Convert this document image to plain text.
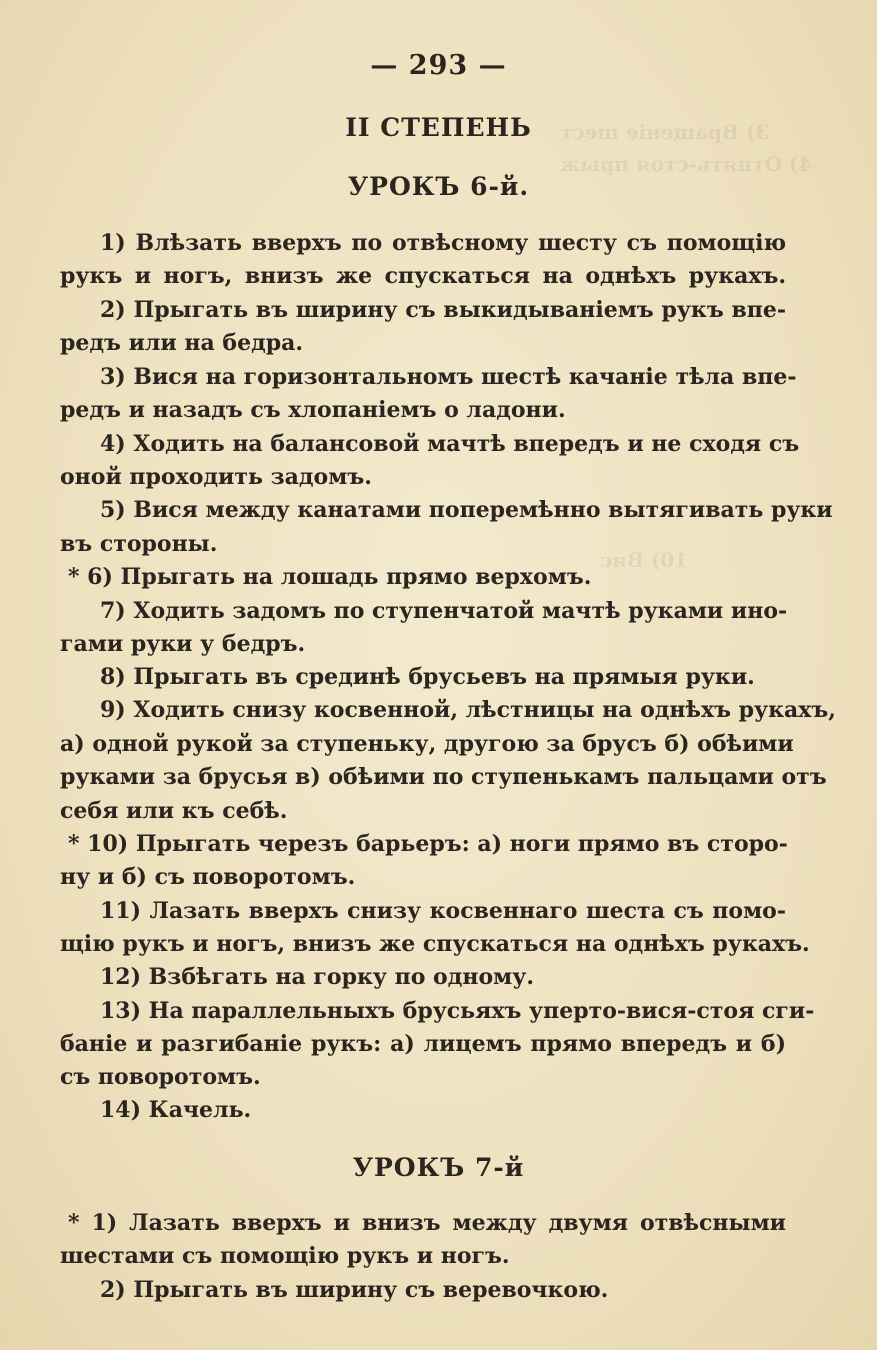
3) Вращеніе шест
4) Отнять-стоя прыж
10) Вис
— 293 —
II СТЕПЕНЬ
УРОКЪ 6-й.
1) Влѣзать вверхъ по отвѣсному шесту съ помощію
рукъ и ногъ, внизъ же спускаться на однѣхъ рукахъ.
2) Прыгать въ ширину съ выкидываніемъ рукъ впе-
редъ или на бедра.
3) Вися на горизонтальномъ шестѣ качаніе тѣла впе-
редъ и назадъ съ хлопаніемъ о ладони.
4) Ходить на балансовой мачтѣ впередъ и не сходя съ
оной проходить задомъ.
5) Вися между канатами поперемѣнно вытягивать руки
въ стороны.
* 6) Прыгать на лошадь прямо верхомъ.
7) Ходить задомъ по ступенчатой мачтѣ руками ино-
гами руки у бедръ.
8) Прыгать въ срединѣ брусьевъ на прямыя руки.
9) Ходить снизу косвенной, лѣстницы на однѣхъ рукахъ,
а) одной рукой за ступеньку, другою за брусъ б) обѣими
руками за брусья в) обѣими по ступенькамъ пальцами отъ
себя или къ себѣ.
* 10) Прыгать черезъ барьеръ: а) ноги прямо въ сторо-
ну и б) съ поворотомъ.
11) Лазать вверхъ снизу косвеннаго шеста съ помо-
щію рукъ и ногъ, внизъ же спускаться на однѣхъ рукахъ.
12) Взбѣгать на горку по одному.
13) На параллельныхъ брусьяхъ уперто-вися-стоя сги-
баніе и разгибаніе рукъ: а) лицемъ прямо впередъ и б)
съ поворотомъ.
14) Качель.
УРОКЪ 7-й
* 1) Лазать вверхъ и внизъ между двумя отвѣсными
шестами съ помощію рукъ и ногъ.
2) Прыгать въ ширину съ веревочкою.
